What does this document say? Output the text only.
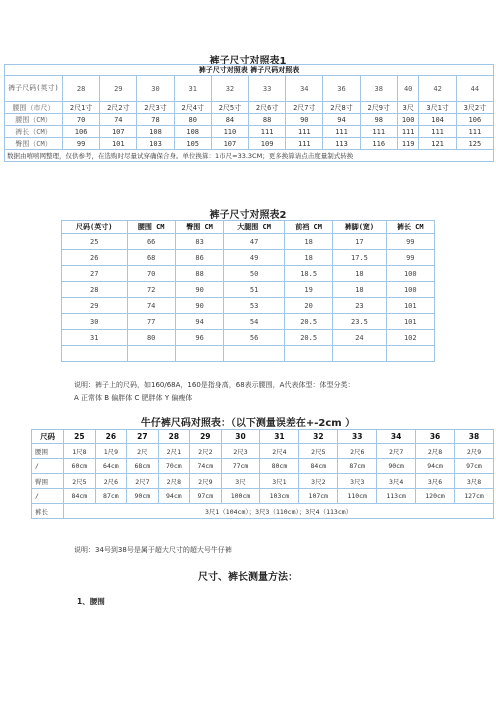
裤子尺寸对照表1
裤子尺寸对照表 裤子尺码对照表												
裤子尺码(英寸)	28	29	30	31	32	33	34	36	38	40	42	44
腰围（市尺）	2尺1寸	2尺2寸	2尺3寸	2尺4寸	2尺5寸	2尺6寸	2尺7寸	2尺8寸	2尺9寸	3尺	3尺1寸	3尺2寸
腰围（CM）	70	74	78	80	84	88	90	94	98	100	104	106
裤长（CM）	106	107	108	108	110	111	111	111	111	111	111	111
臀围（CM）	99	101	103	105	107	109	111	113	116	119	121	125
数据由嘻嘻网整理，仅供参考，在选购时尽量试穿确保合身。单位换算：1市尺=33.3CM；更多换算请点击度量制式转换												
裤子尺寸对照表2
尺码(英寸)	腰围 CM	臀围 CM	大腿围 CM	前裆 CM	裤脚(宽)	裤长 CM
25	66	83	47	18	17	99
26	68	86	49	18	17.5	99
27	70	88	50	18.5	18	100
28	72	90	51	19	18	100
29	74	90	53	20	23	101
30	77	94	54	20.5	23.5	101
31	80	96	56	20.5	24	102

说明：裤子上的尺码，如160/68A，160是指身高，68表示腰围，A代表体型：体型分类：
A 正常体 B 偏胖体 C 肥胖体 Y 偏瘦体
牛仔裤尺码对照表：（以下测量误差在+-2cm ）
尺码	25	26	27	28	29	30	31	32	33	34	36	38
腰围	1尺8	1尺9	2尺	2尺1	2尺2	2尺3	2尺4	2尺5	2尺6	2尺7	2尺8	2尺9
/	60cm	64cm	68cm	70cm	74cm	77cm	80cm	84cm	87cm	90cm	94cm	97cm
臀围	2尺5	2尺6	2尺7	2尺8	2尺9	3尺	3尺1	3尺2	3尺3	3尺4	3尺6	3尺8
/	84cm	87cm	90cm	94cm	97cm	100cm	103cm	107cm	110cm	113cm	120cm	127cm
裤长	3尺1（104cm）；3尺3（110cm）；3尺4（113cm）											
说明：34号到38号是属于超大尺寸的超大号牛仔裤
尺寸、裤长测量方法：
1、腰围
